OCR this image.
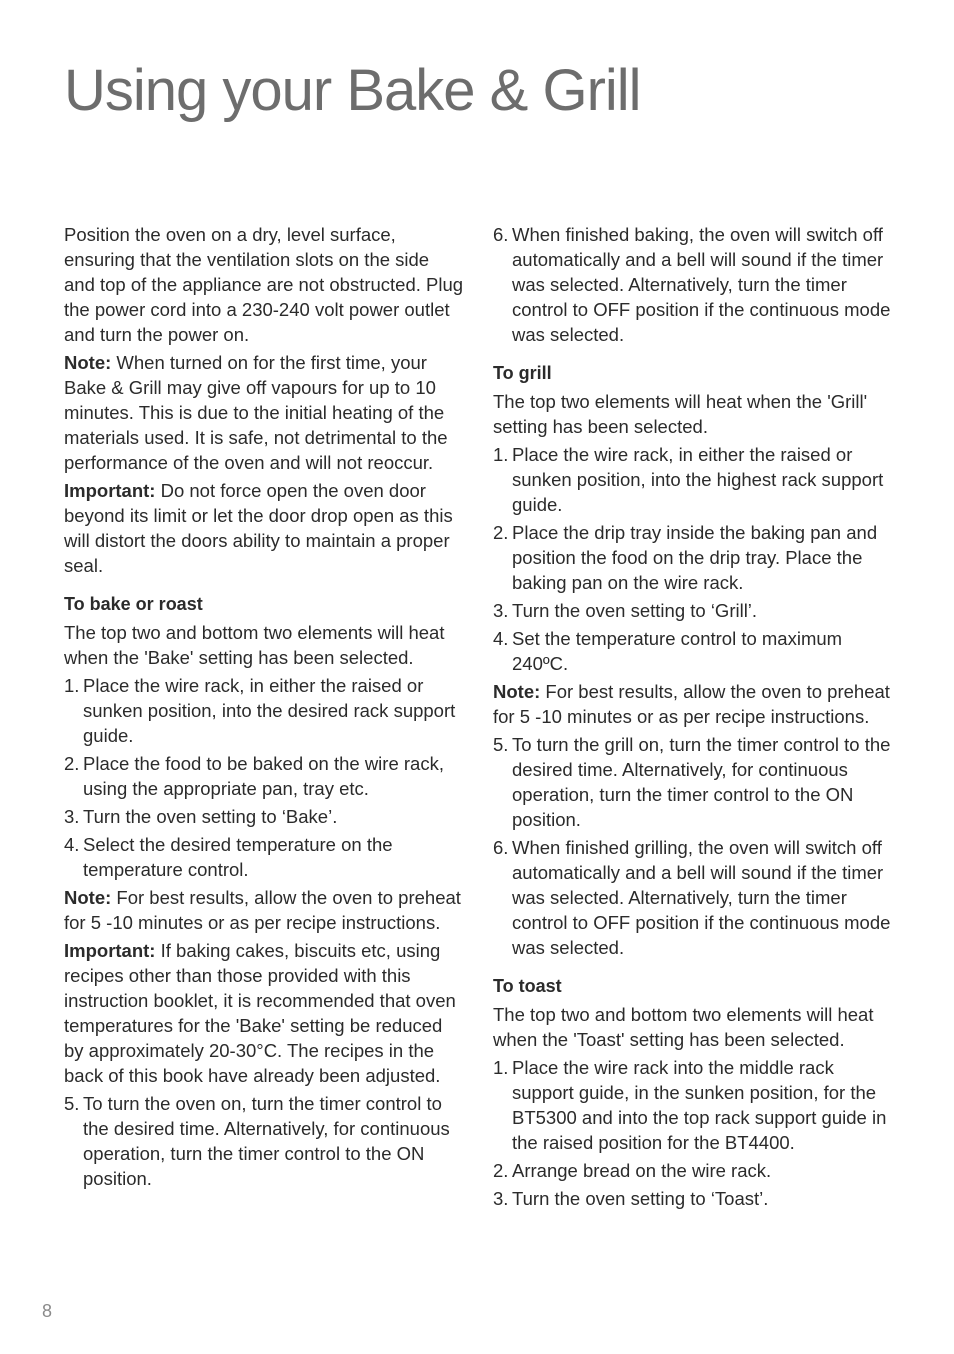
Using your Bake & Grill

Position the oven on a dry, level surface, ensuring that the ventilation slots on the side and top of the appliance are not obstructed. Plug the power cord into a 230-240 volt power outlet and turn the power on.

Note: When turned on for the first time, your Bake & Grill may give off vapours for up to 10 minutes. This is due to the initial heating of the materials used. It is safe, not detrimental to the performance of the oven and will not reoccur.

Important: Do not force open the oven door beyond its limit or let the door drop open as this will distort the doors ability to maintain a proper seal.

To bake or roast

The top two and bottom two elements will heat when the 'Bake' setting has been selected.

1. Place the wire rack, in either the raised or sunken position, into the desired rack support guide.
2. Place the food to be baked on the wire rack, using the appropriate pan, tray etc.
3. Turn the oven setting to ‘Bake’.
4. Select the desired temperature on the temperature control.

Note: For best results, allow the oven to preheat for 5 -10 minutes or as per recipe instructions.

Important: If baking cakes, biscuits etc, using recipes other than those provided with this instruction booklet, it is recommended that oven temperatures for the 'Bake' setting be reduced by approximately 20-30°C. The recipes in the back of this book have already been adjusted.

5. To turn the oven on, turn the timer control to the desired time. Alternatively, for continuous operation, turn the timer control to the ON position.
6. When finished baking, the oven will switch off automatically and a bell will sound if the timer was selected. Alternatively, turn the timer control to OFF position if the continuous mode was selected.
To grill

The top two elements will heat when the 'Grill' setting has been selected.

1. Place the wire rack, in either the raised or sunken position, into the highest rack support guide.
2. Place the drip tray inside the baking pan and position the food on the drip tray. Place the baking pan on the wire rack.
3. Turn the oven setting to ‘Grill’.
4. Set the temperature control to maximum 240ºC.

Note: For best results, allow the oven to preheat for 5 -10 minutes or as per recipe instructions.

5. To turn the grill on, turn the timer control to the desired time. Alternatively, for continuous operation, turn the timer control to the ON position.
6. When finished grilling, the oven will switch off automatically and a bell will sound if the timer was selected. Alternatively, turn the timer control to OFF position if the continuous mode was selected.
To toast

The top two and bottom two elements will heat when the 'Toast' setting has been selected.

1. Place the wire rack into the middle rack support guide, in the sunken position, for the BT5300 and into the top rack support guide in the raised position for the BT4400.
2. Arrange bread on the wire rack.
3. Turn the oven setting to ‘Toast’.
8
